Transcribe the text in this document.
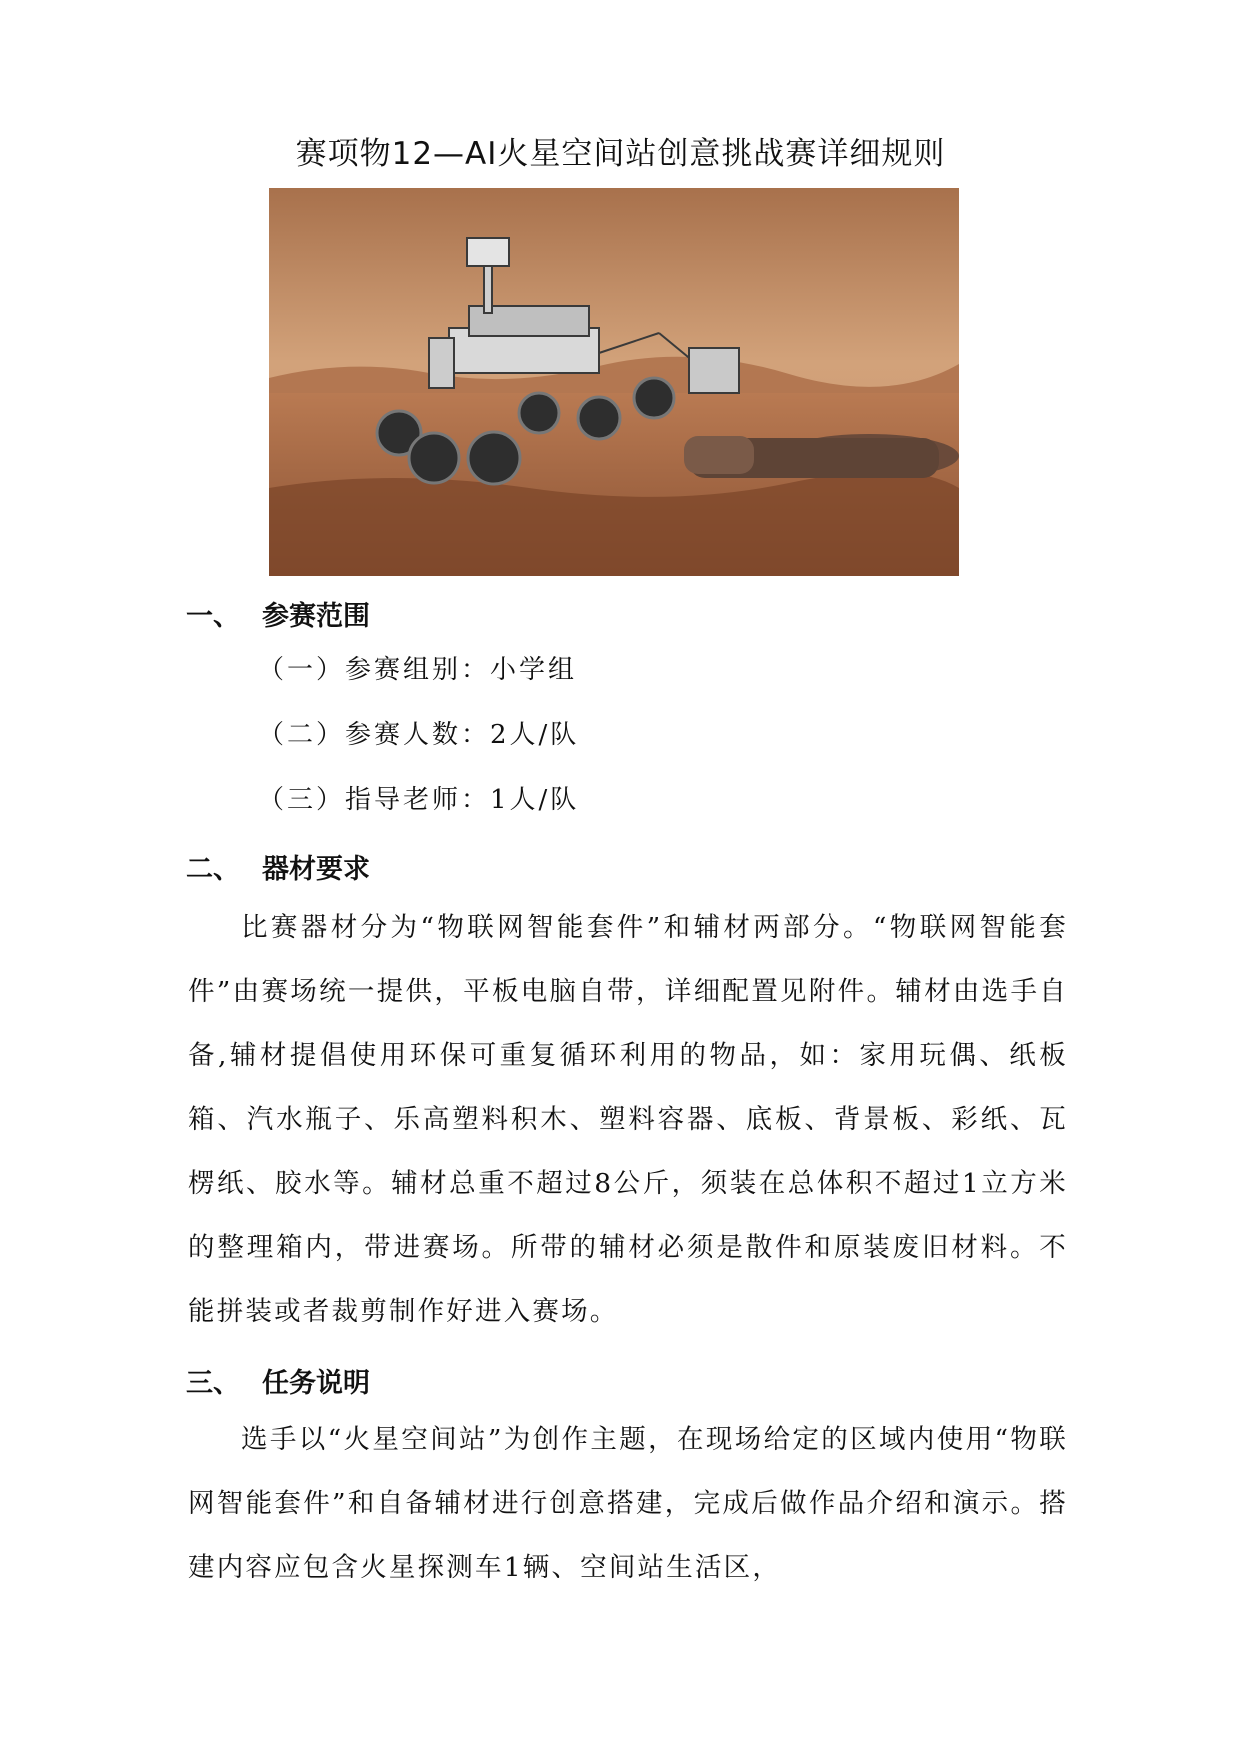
赛项物12—AI火星空间站创意挑战赛详细规则
一、 参赛范围
（一）参赛组别：小学组
（二）参赛人数：2人/队
（三）指导老师：1人/队
二、 器材要求

比赛器材分为“物联网智能套件”和辅材两部分。“物联网智能套件”由赛场统一提供，平板电脑自带，详细配置见附件。辅材由选手自备,辅材提倡使用环保可重复循环利用的物品，如：家用玩偶、纸板箱、汽水瓶子、乐高塑料积木、塑料容器、底板、背景板、彩纸、瓦楞纸、胶水等。辅材总重不超过8公斤，须装在总体积不超过1立方米的整理箱内，带进赛场。所带的辅材必须是散件和原装废旧材料。不能拼装或者裁剪制作好进入赛场。

三、 任务说明

选手以“火星空间站”为创作主题，在现场给定的区域内使用“物联网智能套件”和自备辅材进行创意搭建，完成后做作品介绍和演示。搭建内容应包含火星探测车1辆、空间站生活区，
